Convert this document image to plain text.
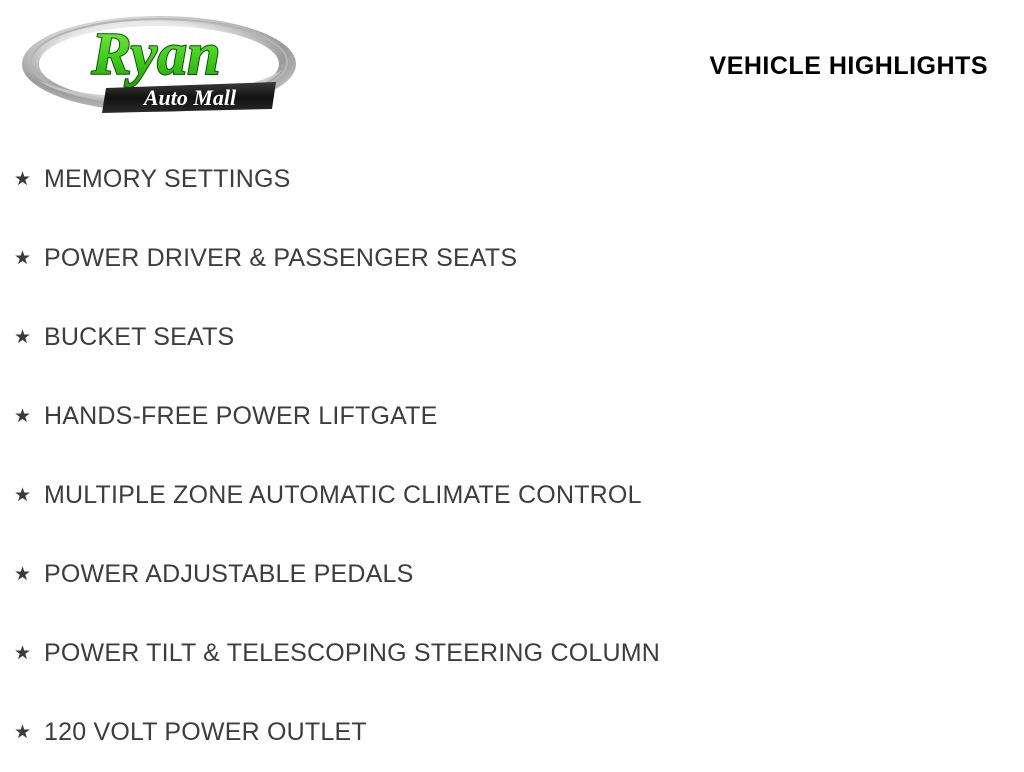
Ryan
Auto Mall
VEHICLE HIGHLIGHTS
★ MEMORY SETTINGS
★ POWER DRIVER & PASSENGER SEATS
★ BUCKET SEATS
★ HANDS-FREE POWER LIFTGATE
★ MULTIPLE ZONE AUTOMATIC CLIMATE CONTROL
★ POWER ADJUSTABLE PEDALS
★ POWER TILT & TELESCOPING STEERING COLUMN
★ 120 VOLT POWER OUTLET
